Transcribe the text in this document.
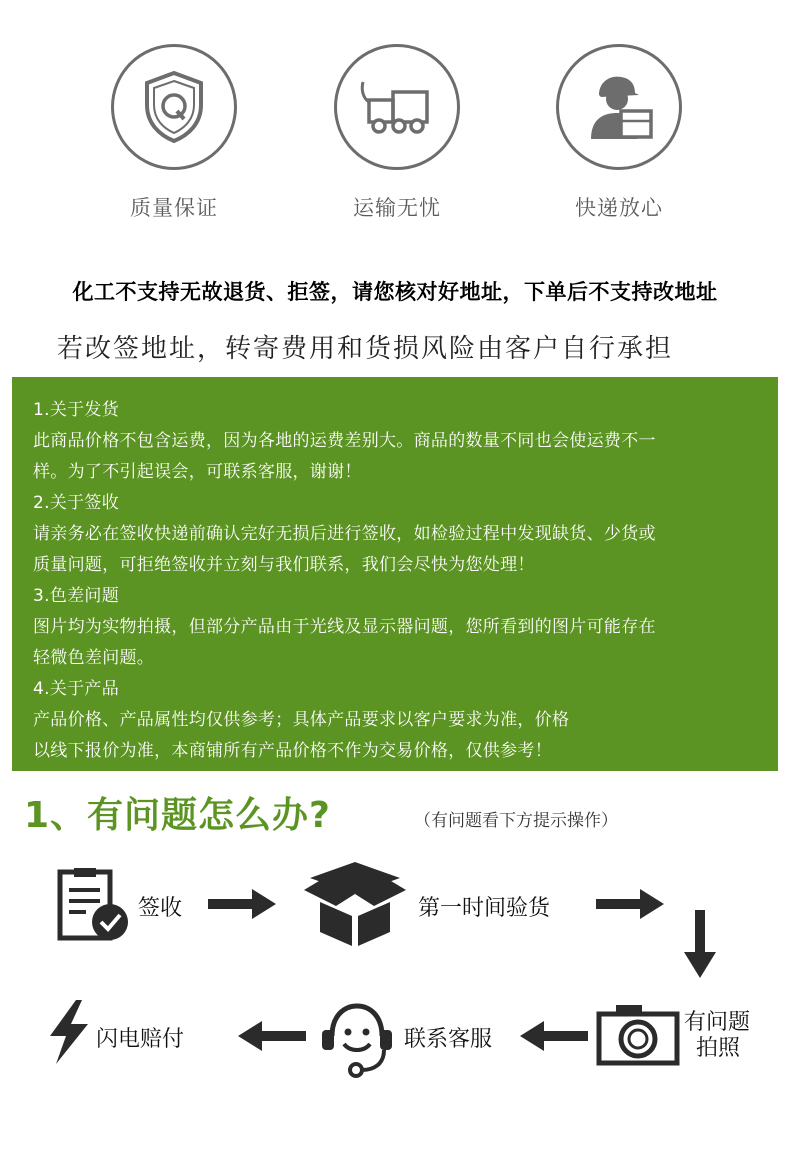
质量保证	运输无忧	快递放心
化工不支持无故退货、拒签，请您核对好地址，下单后不支持改地址
若改签地址，转寄费用和货损风险由客户自行承担

1.关于发货

此商品价格不包含运费，因为各地的运费差别大。商品的数量不同也会使运费不一

样。为了不引起误会，可联系客服，谢谢！

2.关于签收

请亲务必在签收快递前确认完好无损后进行签收，如检验过程中发现缺货、少货或

质量问题，可拒绝签收并立刻与我们联系，我们会尽快为您处理！

3.色差问题

图片均为实物拍摄，但部分产品由于光线及显示器问题，您所看到的图片可能存在

轻微色差问题。

4.关于产品

产品价格、产品属性均仅供参考；具体产品要求以客户要求为准，价格

以线下报价为准，本商铺所有产品价格不作为交易价格，仅供参考！

1、有问题怎么办?	（有问题看下方提示操作）
签收	第一时间验货
有问题
拍照
联系客服
闪电赔付
